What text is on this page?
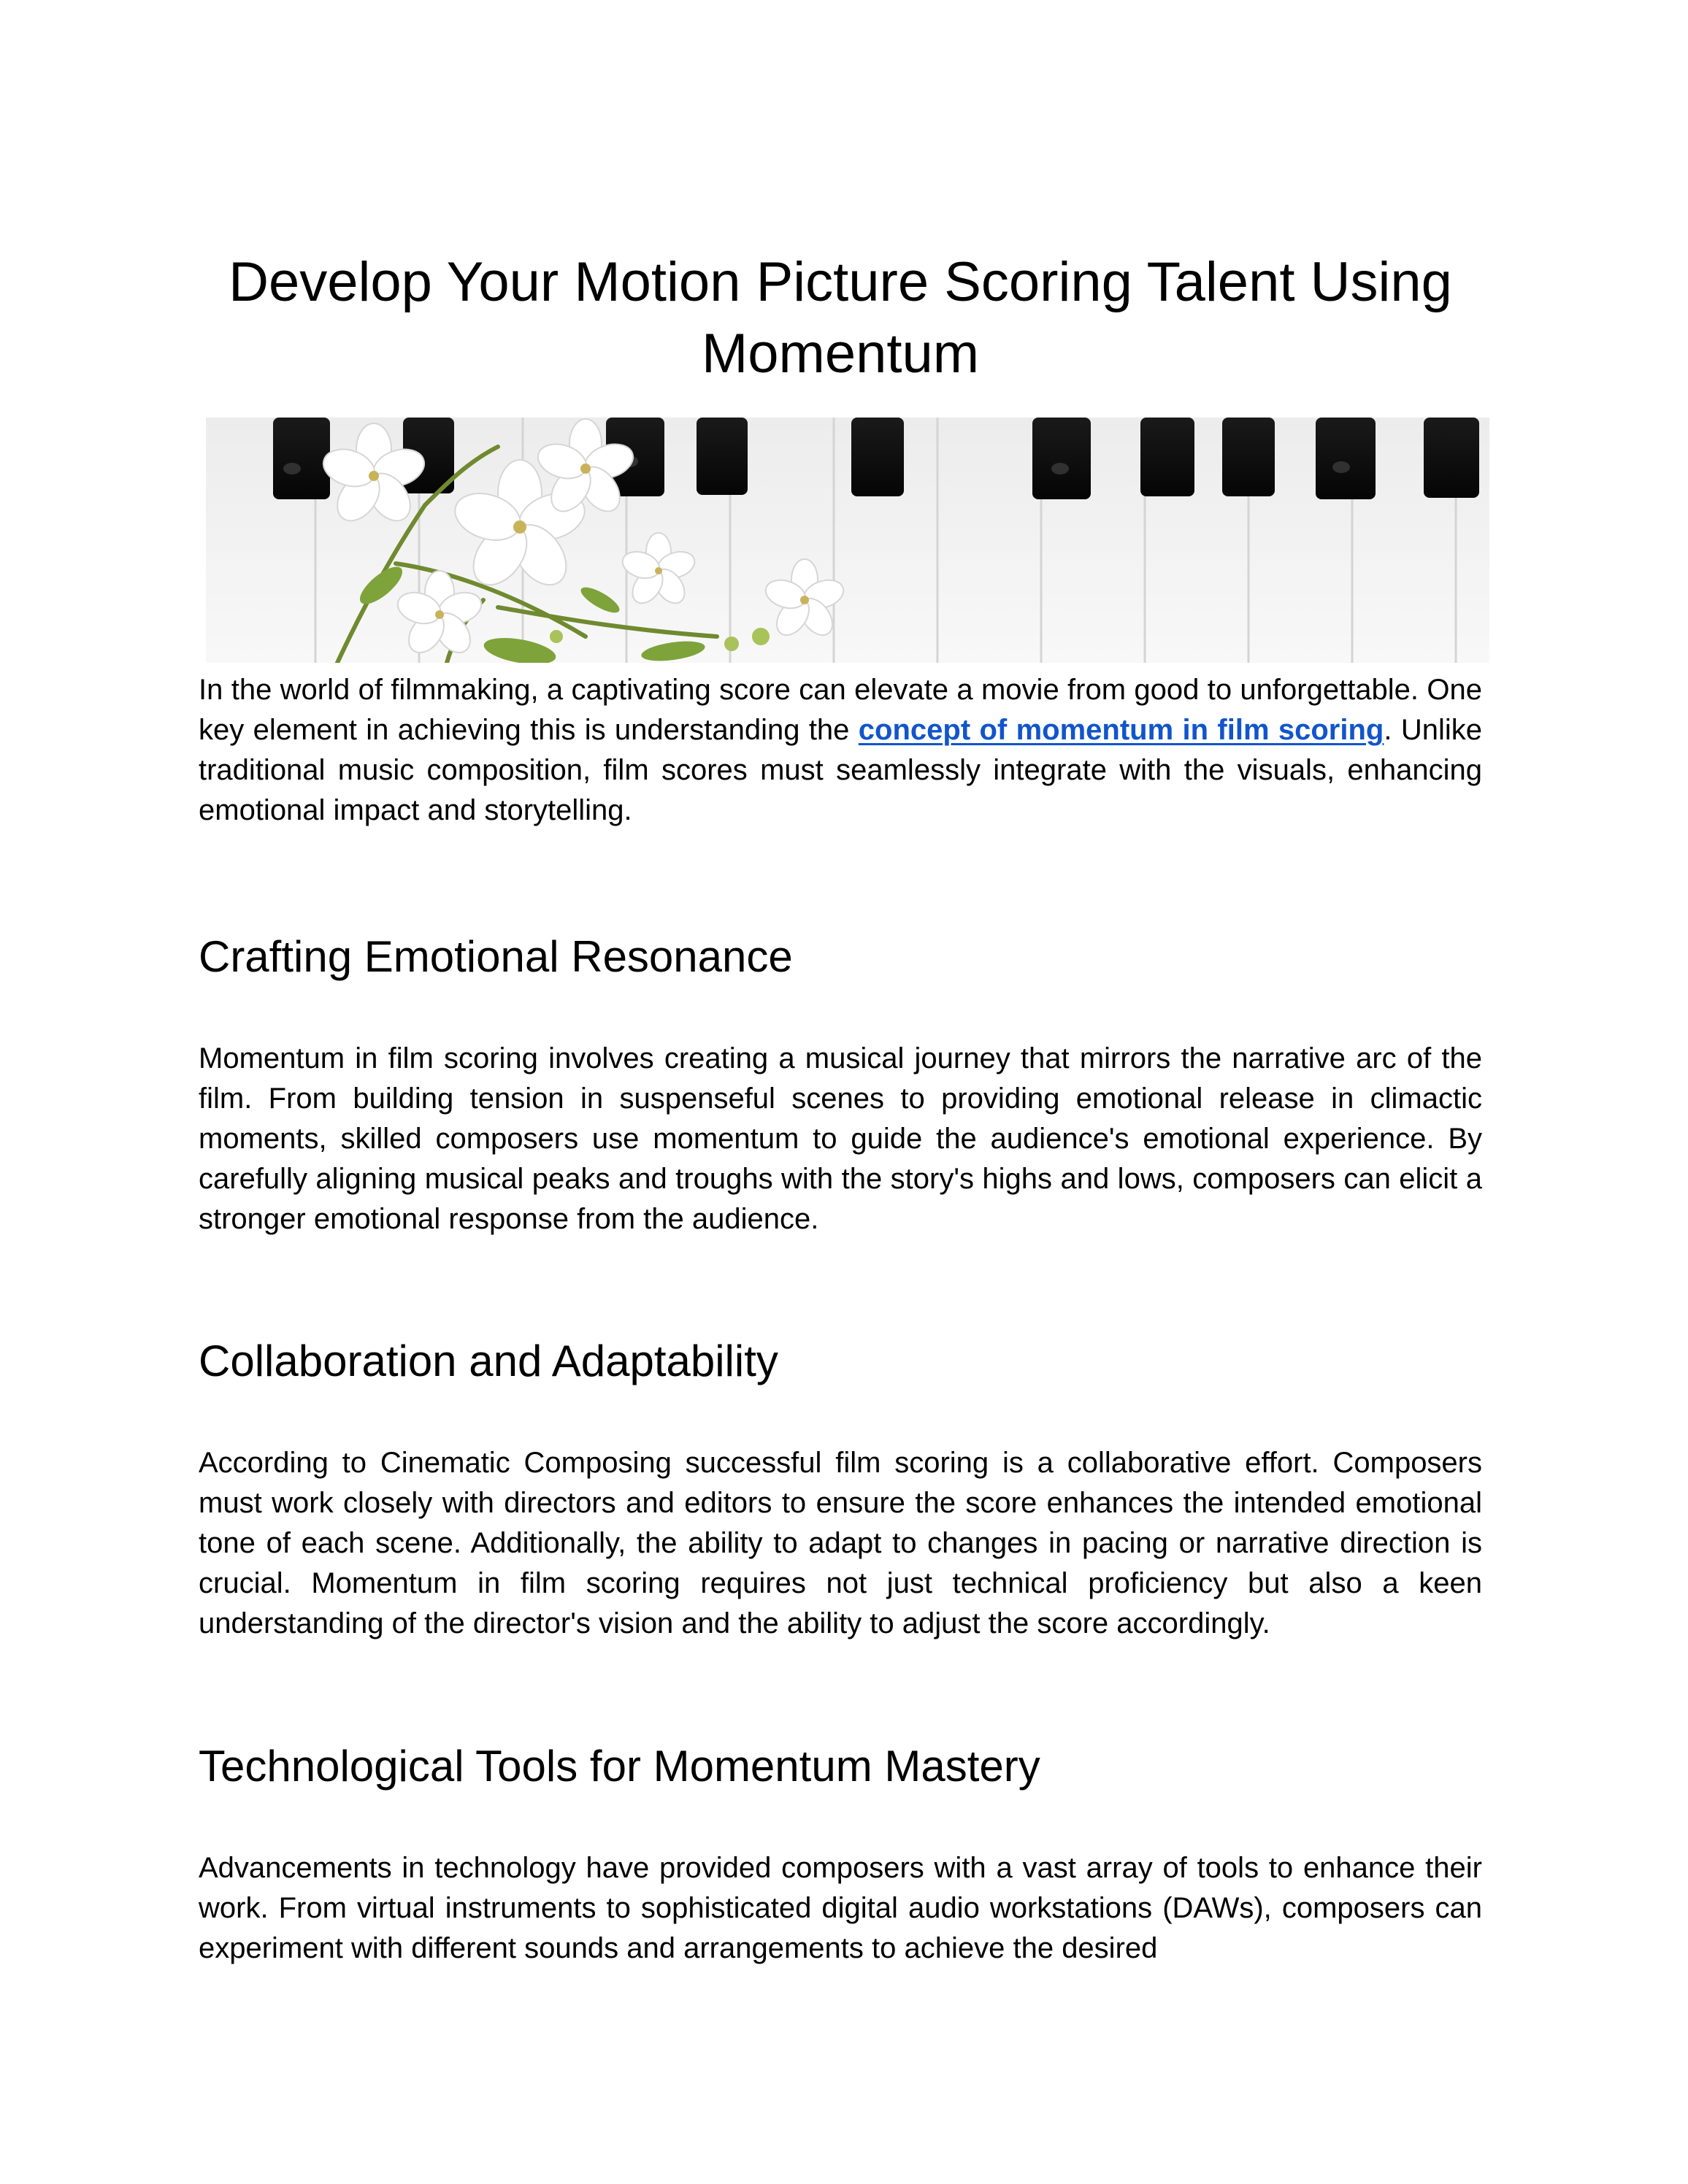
Develop Your Motion Picture Scoring Talent Using Momentum

In the world of filmmaking, a captivating score can elevate a movie from good to unforgettable. One key element in achieving this is understanding the concept of momentum in film scoring. Unlike traditional music composition, film scores must seamlessly integrate with the visuals, enhancing emotional impact and storytelling.

Crafting Emotional Resonance

Momentum in film scoring involves creating a musical journey that mirrors the narrative arc of the film. From building tension in suspenseful scenes to providing emotional release in climactic moments, skilled composers use momentum to guide the audience's emotional experience. By carefully aligning musical peaks and troughs with the story's highs and lows, composers can elicit a stronger emotional response from the audience.

Collaboration and Adaptability

According to Cinematic Composing successful film scoring is a collaborative effort. Composers must work closely with directors and editors to ensure the score enhances the intended emotional tone of each scene. Additionally, the ability to adapt to changes in pacing or narrative direction is crucial. Momentum in film scoring requires not just technical proficiency but also a keen understanding of the director's vision and the ability to adjust the score accordingly.

Technological Tools for Momentum Mastery

Advancements in technology have provided composers with a vast array of tools to enhance their work. From virtual instruments to sophisticated digital audio workstations (DAWs), composers can experiment with different sounds and arrangements to achieve the desired
